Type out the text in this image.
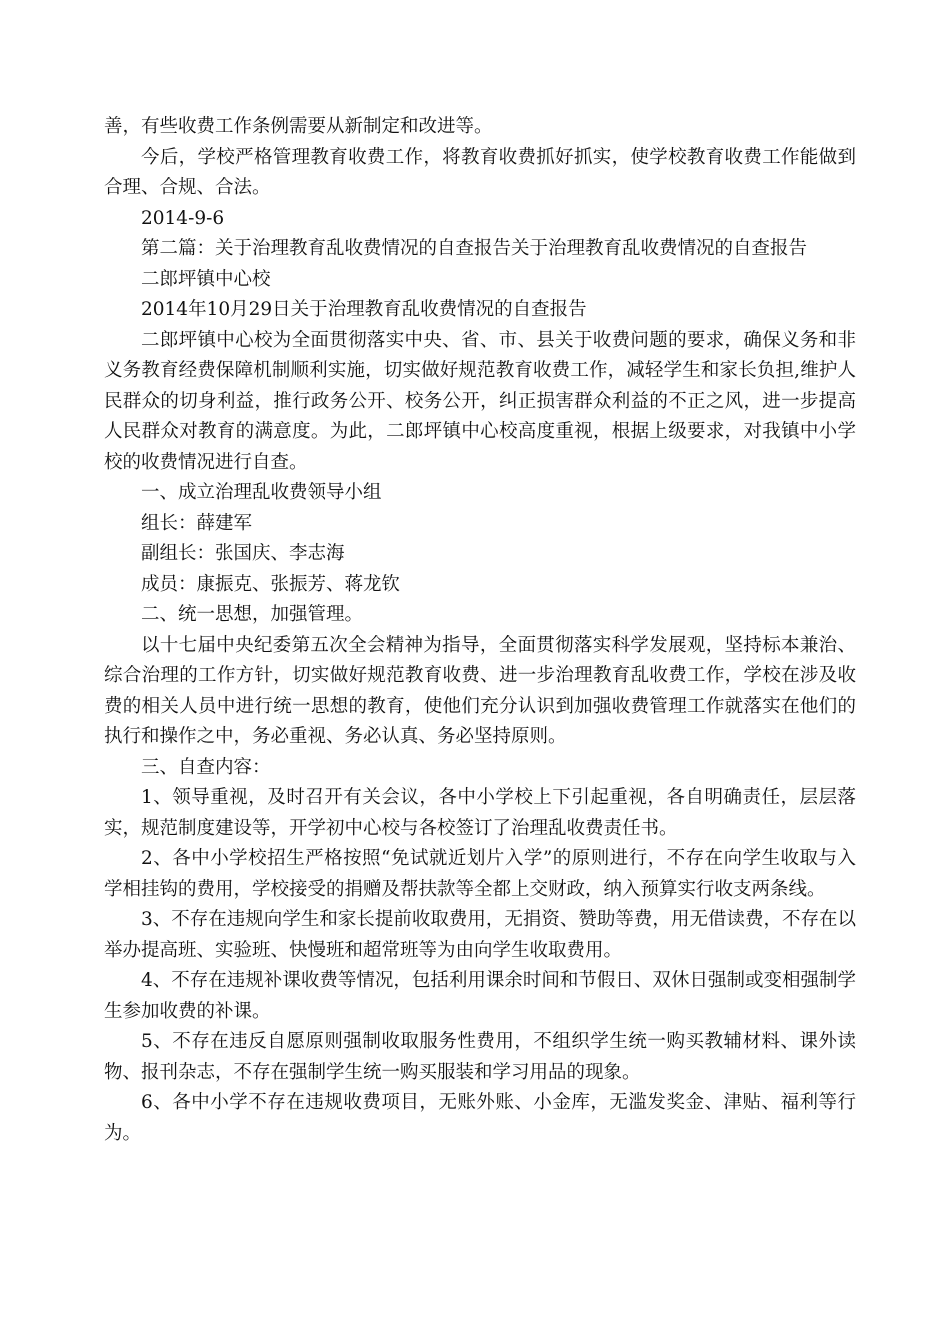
善，有些收费工作条例需要从新制定和改进等。

今后，学校严格管理教育收费工作，将教育收费抓好抓实，使学校教育收费工作能做到合理、合规、合法。

2014-9-6

第二篇：关于治理教育乱收费情况的自查报告关于治理教育乱收费情况的自查报告

二郎坪镇中心校

2014年10月29日关于治理教育乱收费情况的自查报告

二郎坪镇中心校为全面贯彻落实中央、省、市、县关于收费问题的要求，确保义务和非义务教育经费保障机制顺利实施，切实做好规范教育收费工作，减轻学生和家长负担,维护人民群众的切身利益，推行政务公开、校务公开，纠正损害群众利益的不正之风，进一步提高人民群众对教育的满意度。为此，二郎坪镇中心校高度重视，根据上级要求，对我镇中小学校的收费情况进行自查。

一、成立治理乱收费领导小组

组长：薛建军

副组长：张国庆、李志海

成员：康振克、张振芳、蒋龙钦

二、统一思想，加强管理。

以十七届中央纪委第五次全会精神为指导，全面贯彻落实科学发展观，坚持标本兼治、综合治理的工作方针，切实做好规范教育收费、进一步治理教育乱收费工作，学校在涉及收费的相关人员中进行统一思想的教育，使他们充分认识到加强收费管理工作就落实在他们的执行和操作之中，务必重视、务必认真、务必坚持原则。

三、自查内容：

1、领导重视，及时召开有关会议，各中小学校上下引起重视，各自明确责任，层层落实，规范制度建设等，开学初中心校与各校签订了治理乱收费责任书。

2、各中小学校招生严格按照“免试就近划片入学”的原则进行，不存在向学生收取与入学相挂钩的费用，学校接受的捐赠及帮扶款等全都上交财政，纳入预算实行收支两条线。

3、不存在违规向学生和家长提前收取费用，无捐资、赞助等费，用无借读费，不存在以举办提高班、实验班、快慢班和超常班等为由向学生收取费用。

4、不存在违规补课收费等情况，包括利用课余时间和节假日、双休日强制或变相强制学生参加收费的补课。

5、不存在违反自愿原则强制收取服务性费用，不组织学生统一购买教辅材料、课外读物、报刊杂志，不存在强制学生统一购买服装和学习用品的现象。

6、各中小学不存在违规收费项目，无账外账、小金库，无滥发奖金、津贴、福利等行为。
